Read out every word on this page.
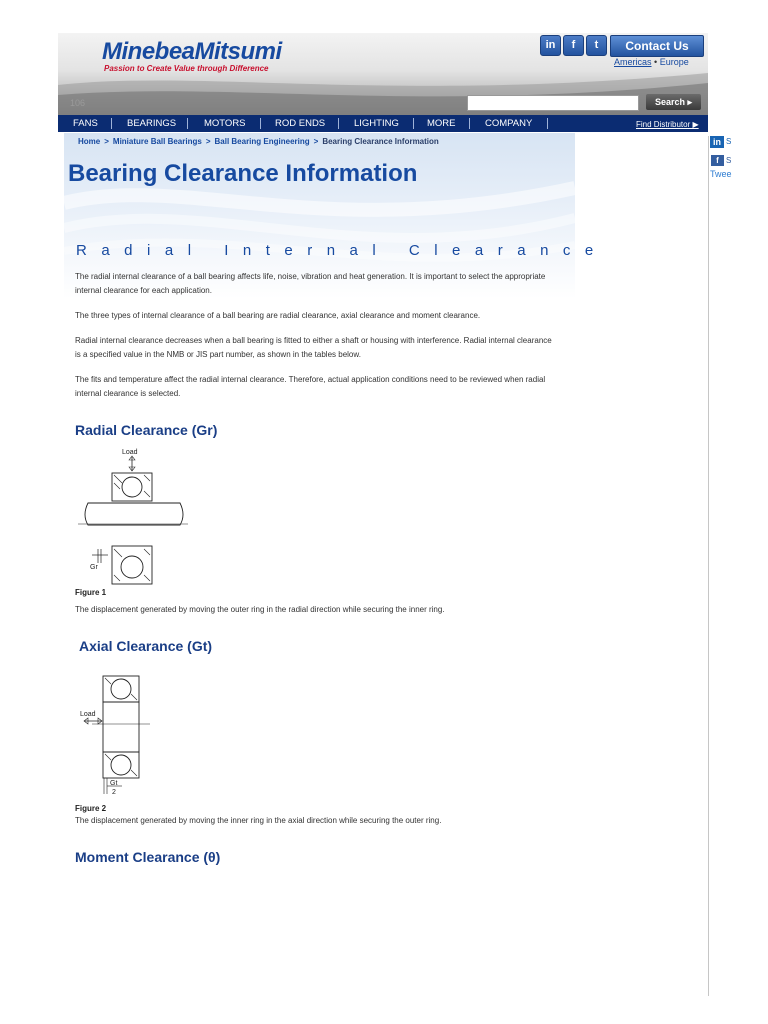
MinebeaMitsumi
Passion to Create Value through Difference
in	f	t	Contact Us
Americas • Europe
106	Search ▸
FANS	BEARINGS	MOTORS	ROD ENDS	LIGHTING	MORE	COMPANY	Find Distributor ▶
in S
f S
Twee
Home > Miniature Ball Bearings > Ball Bearing Engineering > Bearing Clearance Information
Bearing Clearance Information
Radial Internal Clearance
The radial internal clearance of a ball bearing affects life, noise, vibration and heat generation. It is important to select the appropriate internal clearance for each application.
The three types of internal clearance of a ball bearing are radial clearance, axial clearance and moment clearance.
Radial internal clearance decreases when a ball bearing is fitted to either a shaft or housing with interference. Radial internal clearance is a specified value in the NMB or JIS part number, as shown in the tables below.
The fits and temperature affect the radial internal clearance. Therefore, actual application conditions need to be reviewed when radial internal clearance is selected.
Radial Clearance (Gr)
Load
Gr
Figure 1
The displacement generated by moving the outer ring in the radial direction while securing the inner ring.
Axial Clearance (Gt)
Load
Gt
2
Figure 2
The displacement generated by moving the inner ring in the axial direction while securing the outer ring.
Moment Clearance (θ)
